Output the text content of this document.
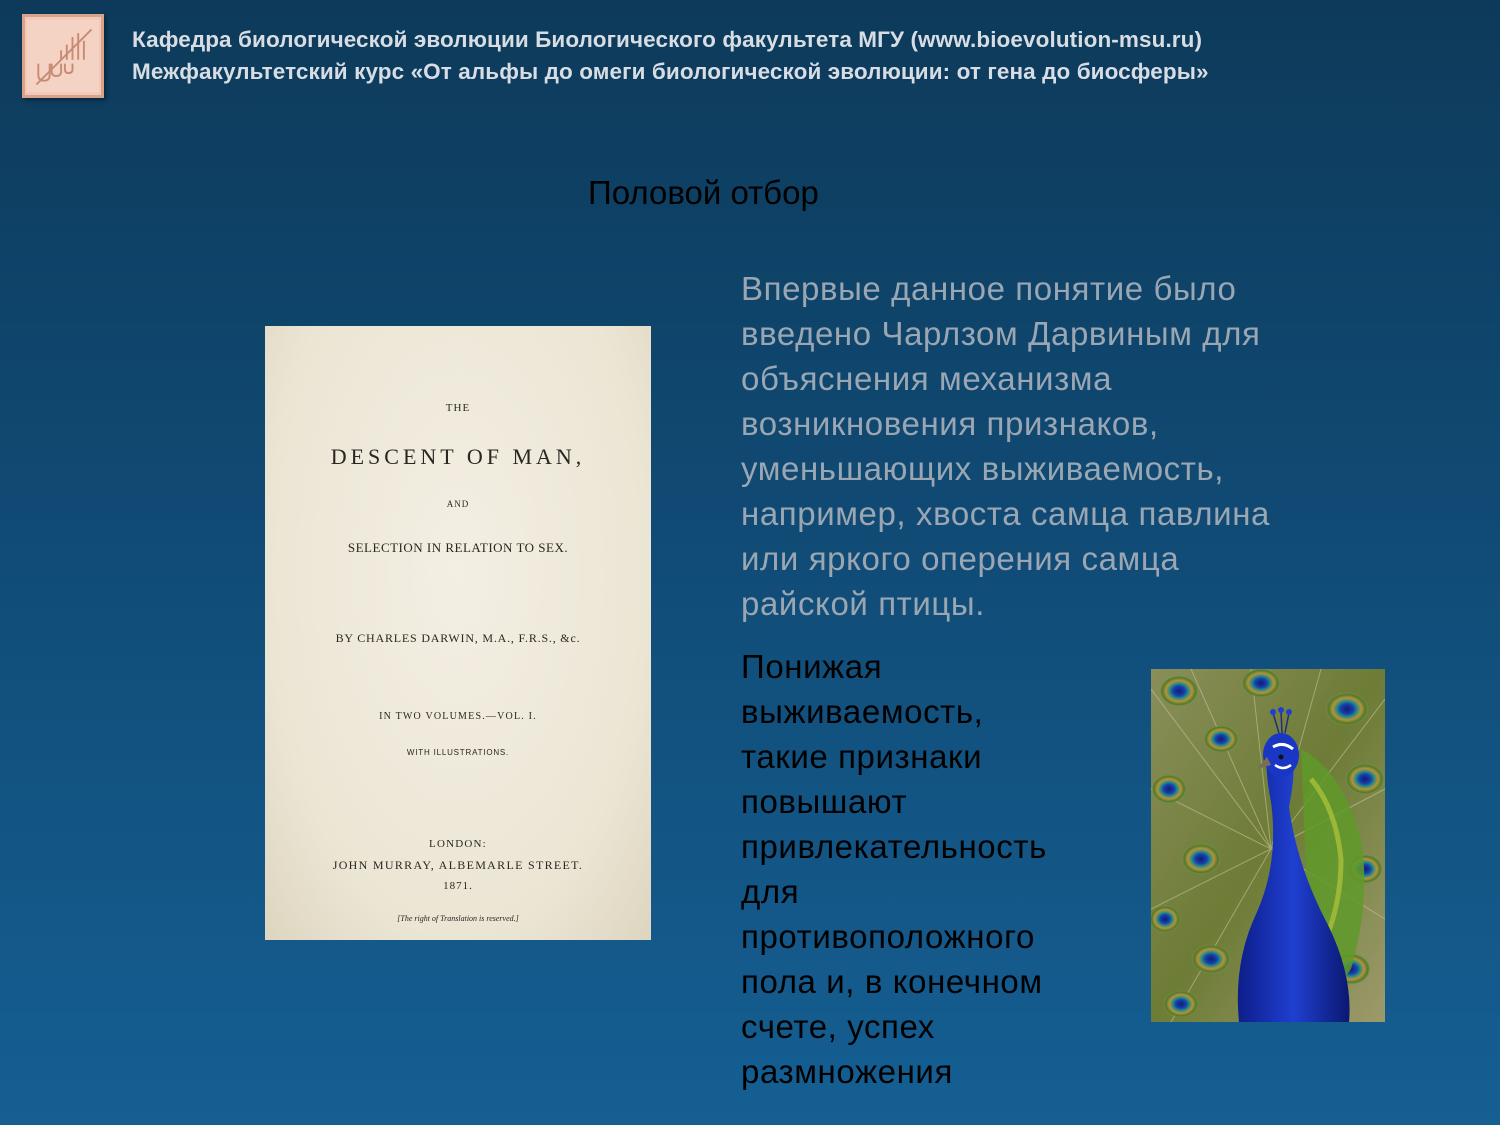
Кафедра биологической эволюции Биологического факультета МГУ (www.bioevolution-msu.ru)
Межфакультетский курс «От альфы до омеги биологической эволюции: от гена до биосферы»
Половой отбор
THE
DESCENT OF MAN,
AND
SELECTION IN RELATION TO SEX.
BY CHARLES DARWIN, M.A., F.R.S., &c.
IN TWO VOLUMES.—VOL. I.
WITH ILLUSTRATIONS.
LONDON:
JOHN MURRAY, ALBEMARLE STREET.
1871.
[The right of Translation is reserved.]
Впервые данное понятие было
введено Чарлзом Дарвиным для
объяснения механизма
возникновения признаков,
уменьшающих выживаемость,
например, хвоста самца павлина
или яркого оперения самца
райской птицы.
Понижая
выживаемость,
такие признаки
повышают
привлекательность
для
противоположного
пола и, в конечном
счете, успех
размножения
